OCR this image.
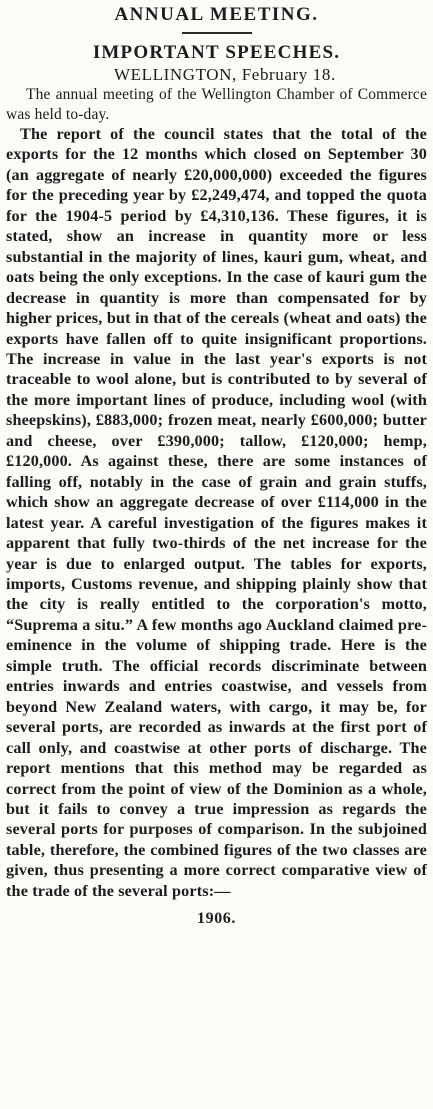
ANNUAL MEETING.
IMPORTANT SPEECHES.
WELLINGTON, February 18.

The annual meeting of the Wellington Chamber of Commerce was held to-day.

The report of the council states that the total of the exports for the 12 months which closed on September 30 (an aggregate of nearly £20,000,000) exceeded the figures for the preceding year by £2,249,474, and topped the quota for the 1904-5 period by £4,310,136. These figures, it is stated, show an increase in quantity more or less substantial in the majority of lines, kauri gum, wheat, and oats being the only exceptions. In the case of kauri gum the decrease in quantity is more than compensated for by higher prices, but in that of the cereals (wheat and oats) the exports have fallen off to quite insignificant proportions. The increase in value in the last year's exports is not traceable to wool alone, but is contributed to by several of the more important lines of produce, including wool (with sheepskins), £883,000; frozen meat, nearly £600,000; butter and cheese, over £390,000; tallow, £120,000; hemp, £120,000. As against these, there are some instances of falling off, notably in the case of grain and grain stuffs, which show an aggregate decrease of over £114,000 in the latest year. A careful investigation of the figures makes it apparent that fully two-thirds of the net increase for the year is due to enlarged output. The tables for exports, imports, Customs revenue, and shipping plainly show that the city is really entitled to the corporation's motto, “Suprema a situ.” A few months ago Auckland claimed pre-eminence in the volume of shipping trade. Here is the simple truth. The official records discriminate between entries inwards and entries coastwise, and vessels from beyond New Zealand waters, with cargo, it may be, for several ports, are recorded as inwards at the first port of call only, and coastwise at other ports of discharge. The report mentions that this method may be regarded as correct from the point of view of the Dominion as a whole, but it fails to convey a true impression as regards the several ports for purposes of comparison. In the subjoined table, therefore, the combined figures of the two classes are given, thus presenting a more correct comparative view of the trade of the several ports:—

1906.
